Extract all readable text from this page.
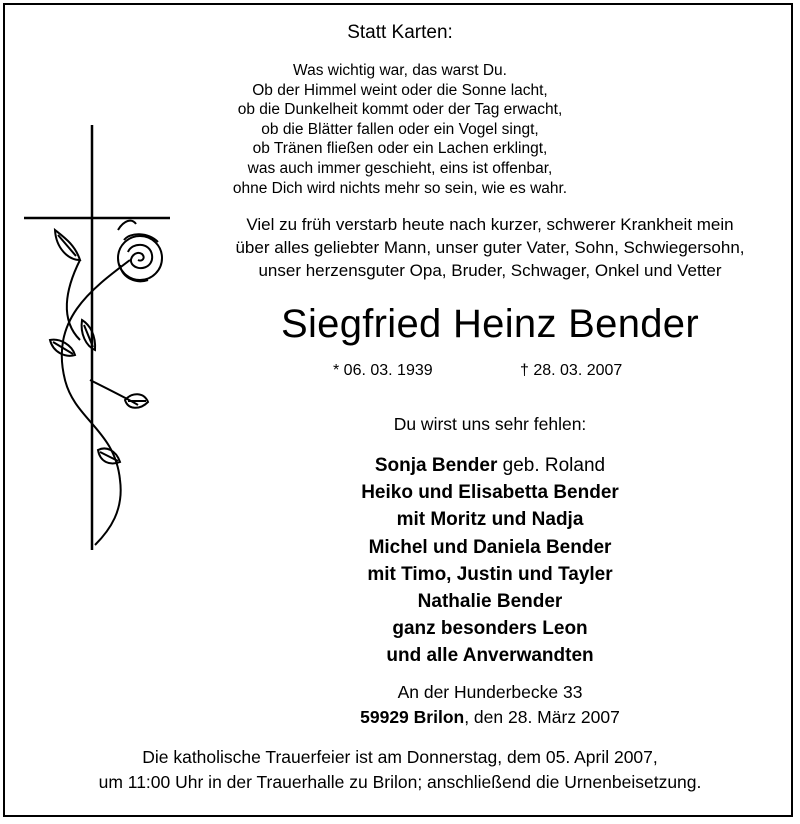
Statt Karten:
Was wichtig war, das warst Du.
Ob der Himmel weint oder die Sonne lacht,
ob die Dunkelheit kommt oder der Tag erwacht,
ob die Blätter fallen oder ein Vogel singt,
ob Tränen fließen oder ein Lachen erklingt,
was auch immer geschieht, eins ist offenbar,
ohne Dich wird nichts mehr so sein, wie es wahr.
Viel zu früh verstarb heute nach kurzer, schwerer Krankheit mein
über alles geliebter Mann, unser guter Vater, Sohn, Schwiegersohn,
unser herzensguter Opa, Bruder, Schwager, Onkel und Vetter
Siegfried Heinz Bender
* 06. 03. 1939	† 28. 03. 2007
Du wirst uns sehr fehlen:
Sonja Bender geb. Roland
Heiko und Elisabetta Bender
mit Moritz und Nadja
Michel und Daniela Bender
mit Timo, Justin und Tayler
Nathalie Bender
ganz besonders Leon
und alle Anverwandten
An der Hunderbecke 33
59929 Brilon, den 28. März 2007
Die katholische Trauerfeier ist am Donnerstag, dem 05. April 2007,
um 11:00 Uhr in der Trauerhalle zu Brilon; anschließend die Urnenbeisetzung.
